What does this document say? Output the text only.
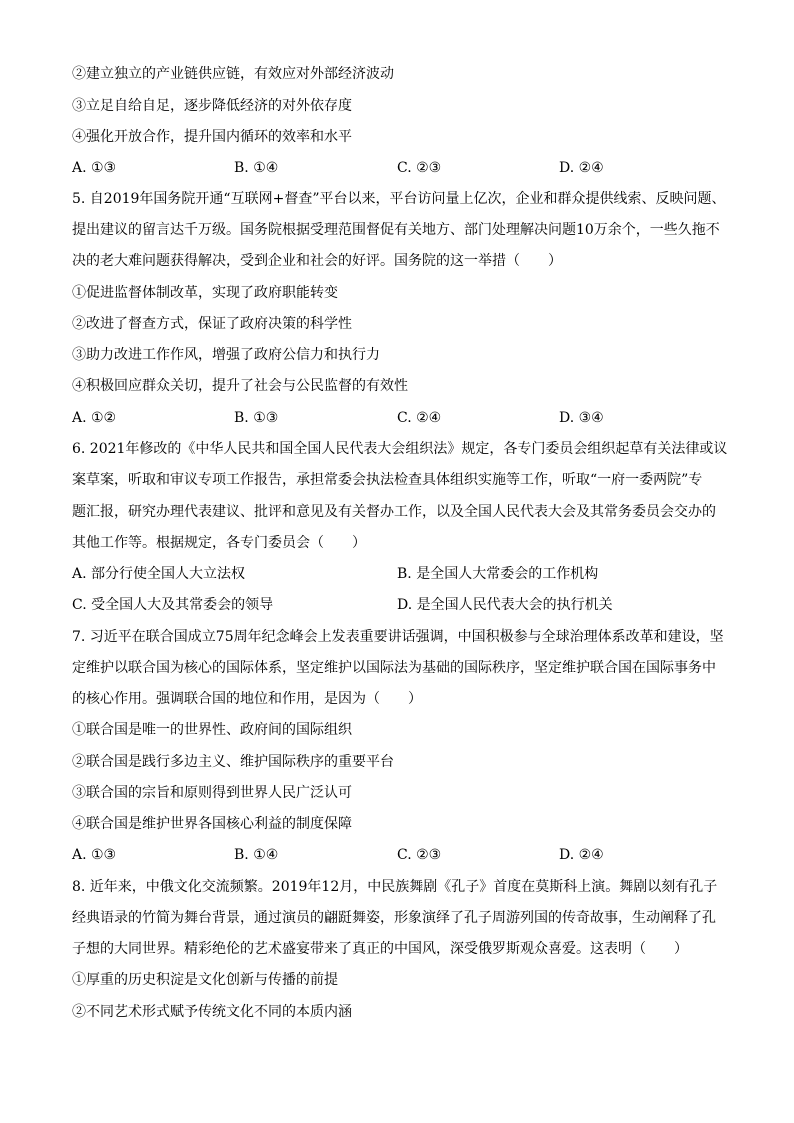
②建立独立的产业链供应链，有效应对外部经济波动
③立足自给自足，逐步降低经济的对外依存度
④强化开放合作，提升国内循环的效率和水平
A. ①③	B. ①④	C. ②③	D. ②④
5. 自2019年国务院开通“互联网+督查”平台以来，平台访问量上亿次，企业和群众提供线索、反映问题、
提出建议的留言达千万级。国务院根据受理范围督促有关地方、部门处理解决问题10万余个，一些久拖不
决的老大难问题获得解决，受到企业和社会的好评。国务院的这一举措（　　）
①促进监督体制改革，实现了政府职能转变
②改进了督查方式，保证了政府决策的科学性
③助力改进工作作风，增强了政府公信力和执行力
④积极回应群众关切，提升了社会与公民监督的有效性
A. ①②	B. ①③	C. ②④	D. ③④
6. 2021年修改的《中华人民共和国全国人民代表大会组织法》规定，各专门委员会组织起草有关法律或议
案草案，听取和审议专项工作报告，承担常委会执法检查具体组织实施等工作，听取“一府一委两院”专
题汇报，研究办理代表建议、批评和意见及有关督办工作，以及全国人民代表大会及其常务委员会交办的
其他工作等。根据规定，各专门委员会（　　）
A. 部分行使全国人大立法权	B. 是全国人大常委会的工作机构
C. 受全国人大及其常委会的领导	D. 是全国人民代表大会的执行机关
7. 习近平在联合国成立75周年纪念峰会上发表重要讲话强调，中国积极参与全球治理体系改革和建设，坚
定维护以联合国为核心的国际体系，坚定维护以国际法为基础的国际秩序，坚定维护联合国在国际事务中
的核心作用。强调联合国的地位和作用，是因为（　　）
①联合国是唯一的世界性、政府间的国际组织
②联合国是践行多边主义、维护国际秩序的重要平台
③联合国的宗旨和原则得到世界人民广泛认可
④联合国是维护世界各国核心利益的制度保障
A. ①③	B. ①④	C. ②③	D. ②④
8. 近年来，中俄文化交流频繁。2019年12月，中民族舞剧《孔子》首度在莫斯科上演。舞剧以刻有孔子
经典语录的竹简为舞台背景，通过演员的翩跹舞姿，形象演绎了孔子周游列国的传奇故事，生动阐释了孔
子想的大同世界。精彩绝伦的艺术盛宴带来了真正的中国风，深受俄罗斯观众喜爱。这表明（　　）
①厚重的历史积淀是文化创新与传播的前提
②不同艺术形式赋予传统文化不同的本质内涵
